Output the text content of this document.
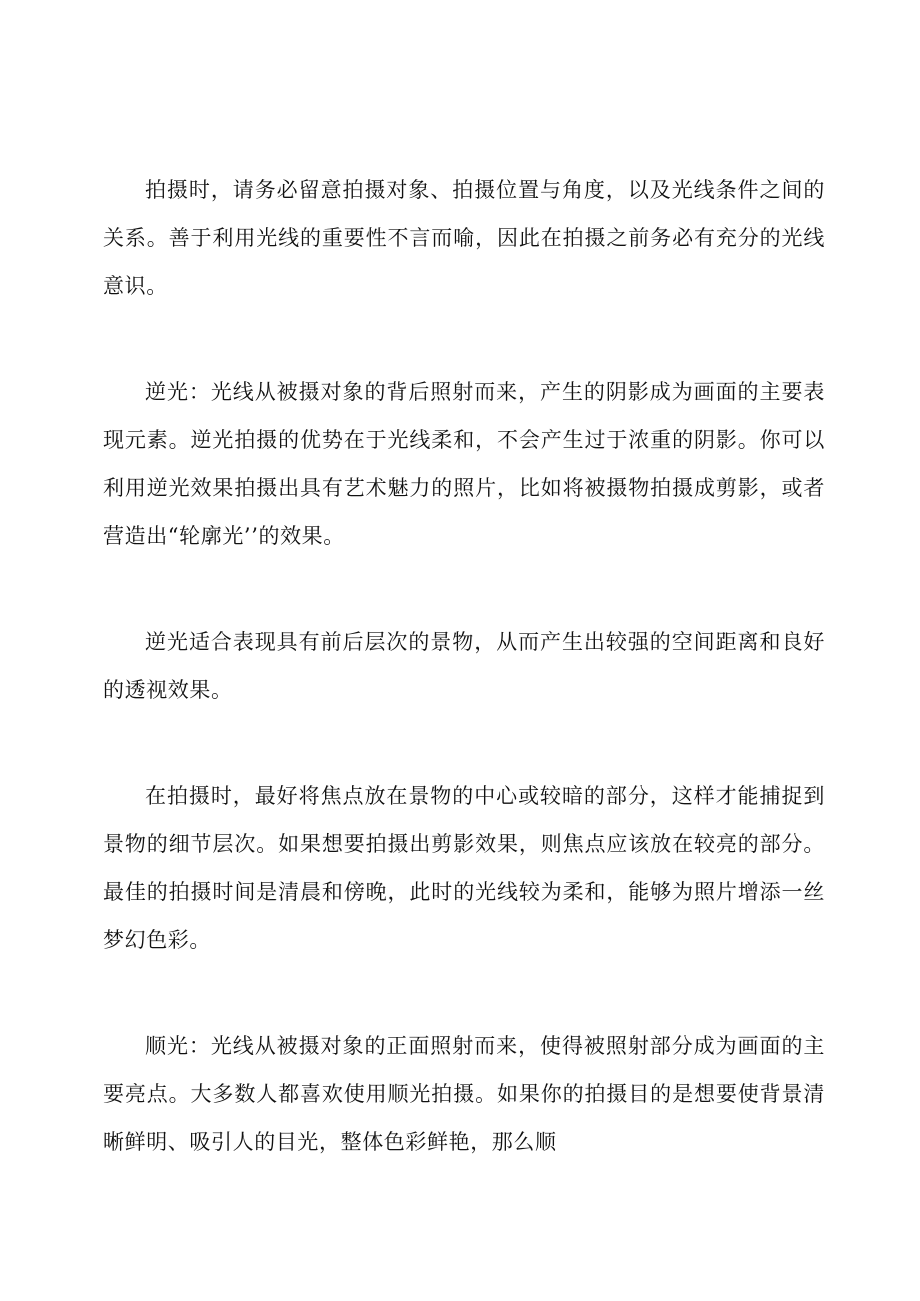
拍摄时，请务必留意拍摄对象、拍摄位置与角度，以及光线条件之间的关系。善于利用光线的重要性不言而喻，因此在拍摄之前务必有充分的光线意识。

逆光：光线从被摄对象的背后照射而来，产生的阴影成为画面的主要表现元素。逆光拍摄的优势在于光线柔和，不会产生过于浓重的阴影。你可以利用逆光效果拍摄出具有艺术魅力的照片，比如将被摄物拍摄成剪影，或者营造出“轮廓光’’的效果。

逆光适合表现具有前后层次的景物，从而产生出较强的空间距离和良好的透视效果。

在拍摄时，最好将焦点放在景物的中心或较暗的部分，这样才能捕捉到景物的细节层次。如果想要拍摄出剪影效果，则焦点应该放在较亮的部分。最佳的拍摄时间是清晨和傍晚，此时的光线较为柔和，能够为照片增添一丝梦幻色彩。

顺光：光线从被摄对象的正面照射而来，使得被照射部分成为画面的主要亮点。大多数人都喜欢使用顺光拍摄。如果你的拍摄目的是想要使背景清晰鲜明、吸引人的目光，整体色彩鲜艳，那么顺
